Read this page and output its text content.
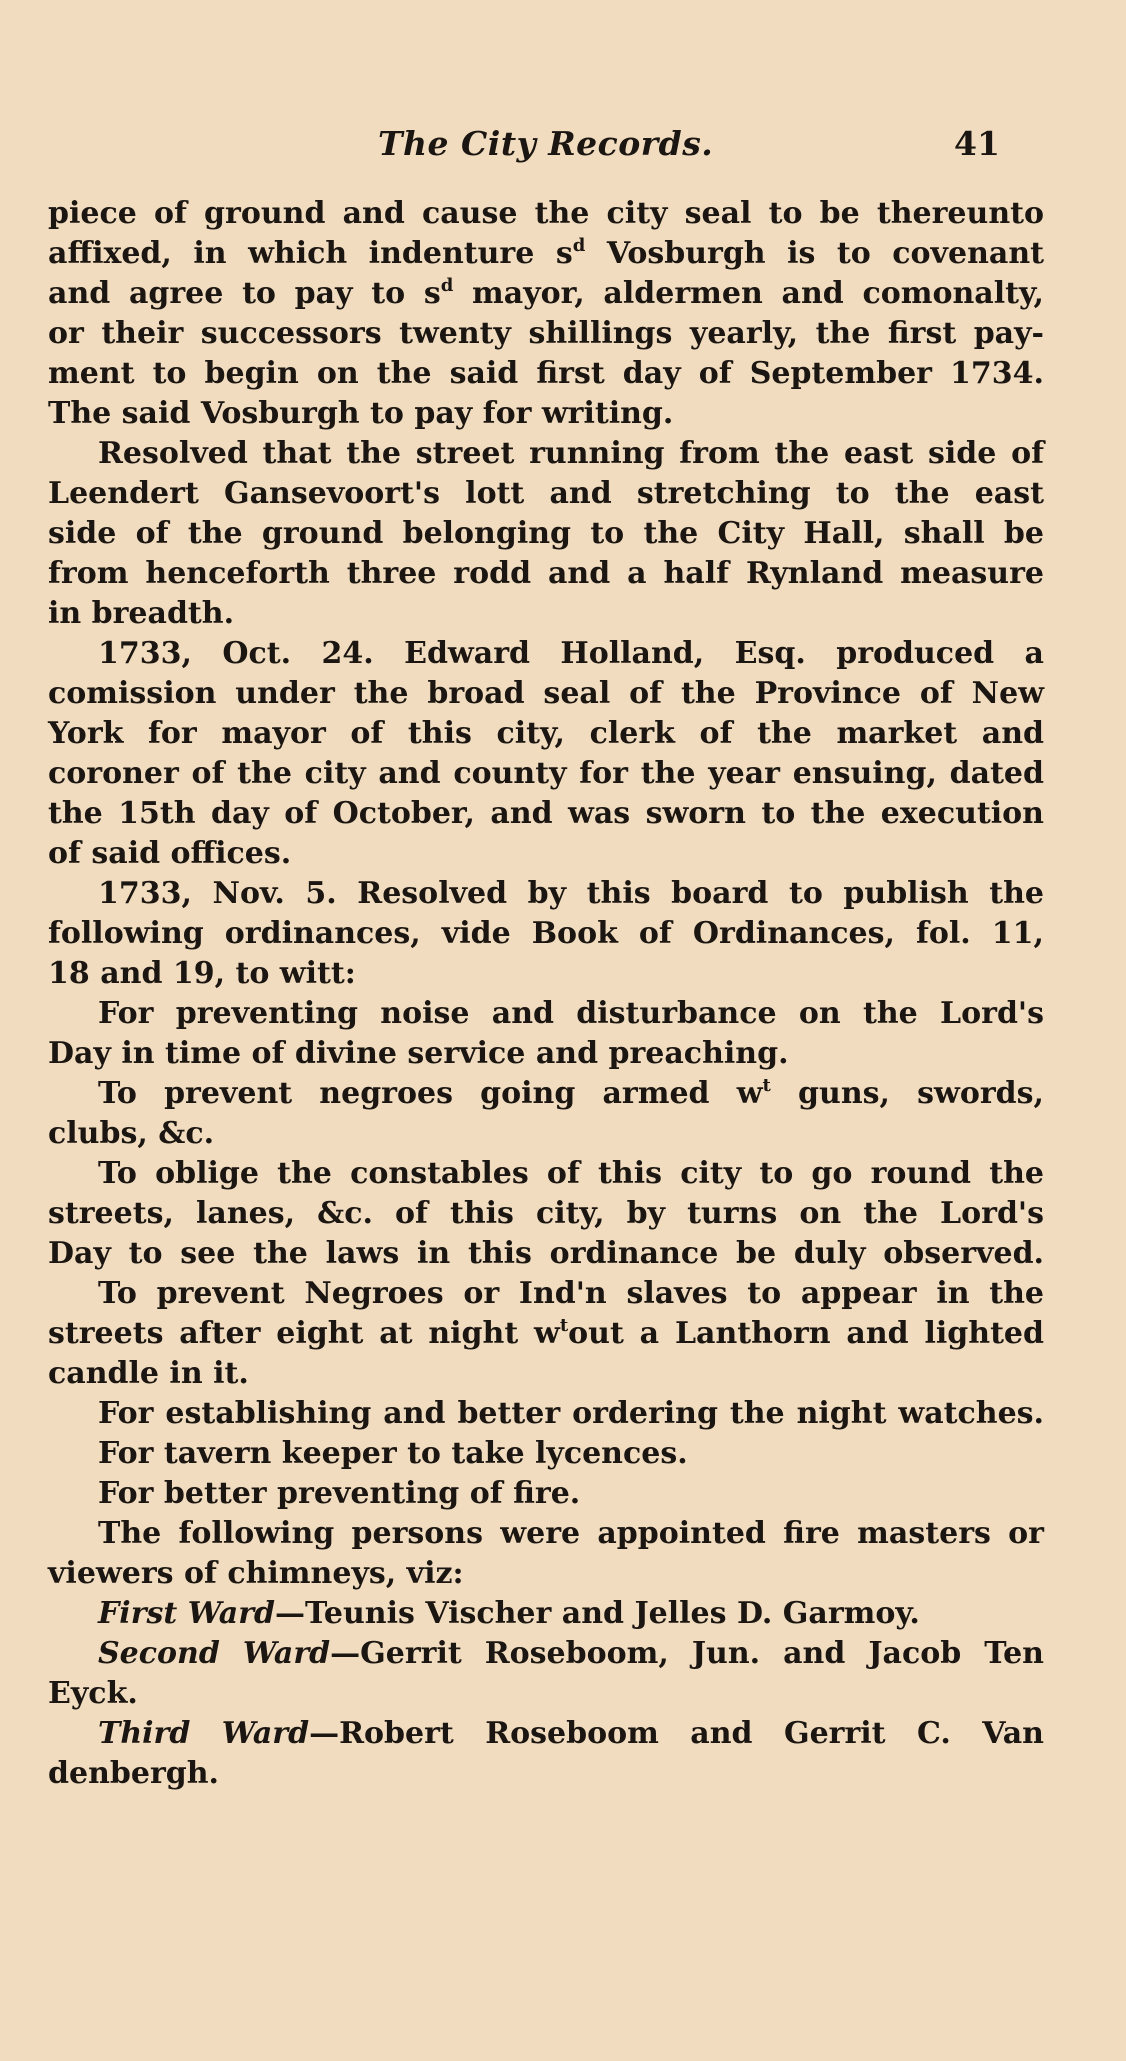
The City Records.	41
piece of ground and cause the city seal to be thereunto
affixed, in which indenture $s^d$ Vosburgh is to covenant
and agree to pay to $s^d$ mayor, aldermen and comonalty,
or their successors twenty shillings yearly, the first pay-
ment to begin on the said first day of September 1734.
The said Vosburgh to pay for writing.
Resolved that the street running from the east side of
Leendert Gansevoort's lott and stretching to the east
side of the ground belonging to the City Hall, shall be
from henceforth three rodd and a half Rynland measure
in breadth.
1733, Oct. 24. Edward Holland, Esq. produced a
comission under the broad seal of the Province of New
York for mayor of this city, clerk of the market and
coroner of the city and county for the year ensuing, dated
the 15th day of October, and was sworn to the execution
of said offices.
1733, Nov. 5. Resolved by this board to publish the
following ordinances, vide Book of Ordinances, fol. 11,
18 and 19, to witt:
For preventing noise and disturbance on the Lord's
Day in time of divine service and preaching.
To prevent negroes going armed $w^t$ guns, swords,
clubs, &c.
To oblige the constables of this city to go round the
streets, lanes, &c. of this city, by turns on the Lord's
Day to see the laws in this ordinance be duly observed.
To prevent Negroes or Ind'n slaves to appear in the
streets after eight at night $w^tout$ a Lanthorn and lighted
candle in it.
For establishing and better ordering the night watches.
For tavern keeper to take lycences.
For better preventing of fire.
The following persons were appointed fire masters or
viewers of chimneys, viz:
First Ward—Teunis Vischer and Jelles D. Garmoy.
Second Ward—Gerrit Roseboom, Jun. and Jacob Ten
Eyck.
Third Ward—Robert Roseboom and Gerrit C. Van
denbergh.
